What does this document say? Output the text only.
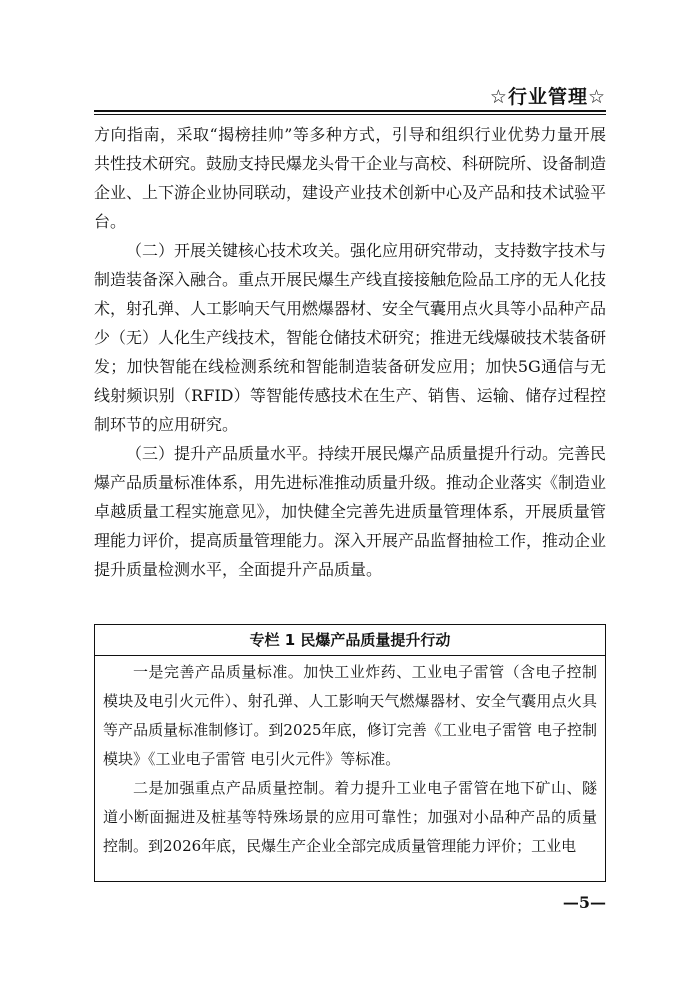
☆行业管理☆

方向指南，采取“揭榜挂帅”等多种方式，引导和组织行业优势力量开展共性技术研究。鼓励支持民爆龙头骨干企业与高校、科研院所、设备制造企业、上下游企业协同联动，建设产业技术创新中心及产品和技术试验平台。

（二）开展关键核心技术攻关。强化应用研究带动，支持数字技术与制造装备深入融合。重点开展民爆生产线直接接触危险品工序的无人化技术，射孔弹、人工影响天气用燃爆器材、安全气囊用点火具等小品种产品少（无）人化生产线技术，智能仓储技术研究；推进无线爆破技术装备研发；加快智能在线检测系统和智能制造装备研发应用；加快5G通信与无线射频识别（RFID）等智能传感技术在生产、销售、运输、储存过程控制环节的应用研究。

（三）提升产品质量水平。持续开展民爆产品质量提升行动。完善民爆产品质量标准体系，用先进标准推动质量升级。推动企业落实《制造业卓越质量工程实施意见》，加快健全完善先进质量管理体系，开展质量管理能力评价，提高质量管理能力。深入开展产品监督抽检工作，推动企业提升质量检测水平，全面提升产品质量。

专栏 1 民爆产品质量提升行动

一是完善产品质量标准。加快工业炸药、工业电子雷管（含电子控制模块及电引火元件）、射孔弹、人工影响天气燃爆器材、安全气囊用点火具等产品质量标准制修订。到2025年底，修订完善《工业电子雷管 电子控制模块》《工业电子雷管 电引火元件》等标准。

二是加强重点产品质量控制。着力提升工业电子雷管在地下矿山、隧道小断面掘进及桩基等特殊场景的应用可靠性；加强对小品种产品的质量控制。到2026年底，民爆生产企业全部完成质量管理能力评价；工业电

—5—
